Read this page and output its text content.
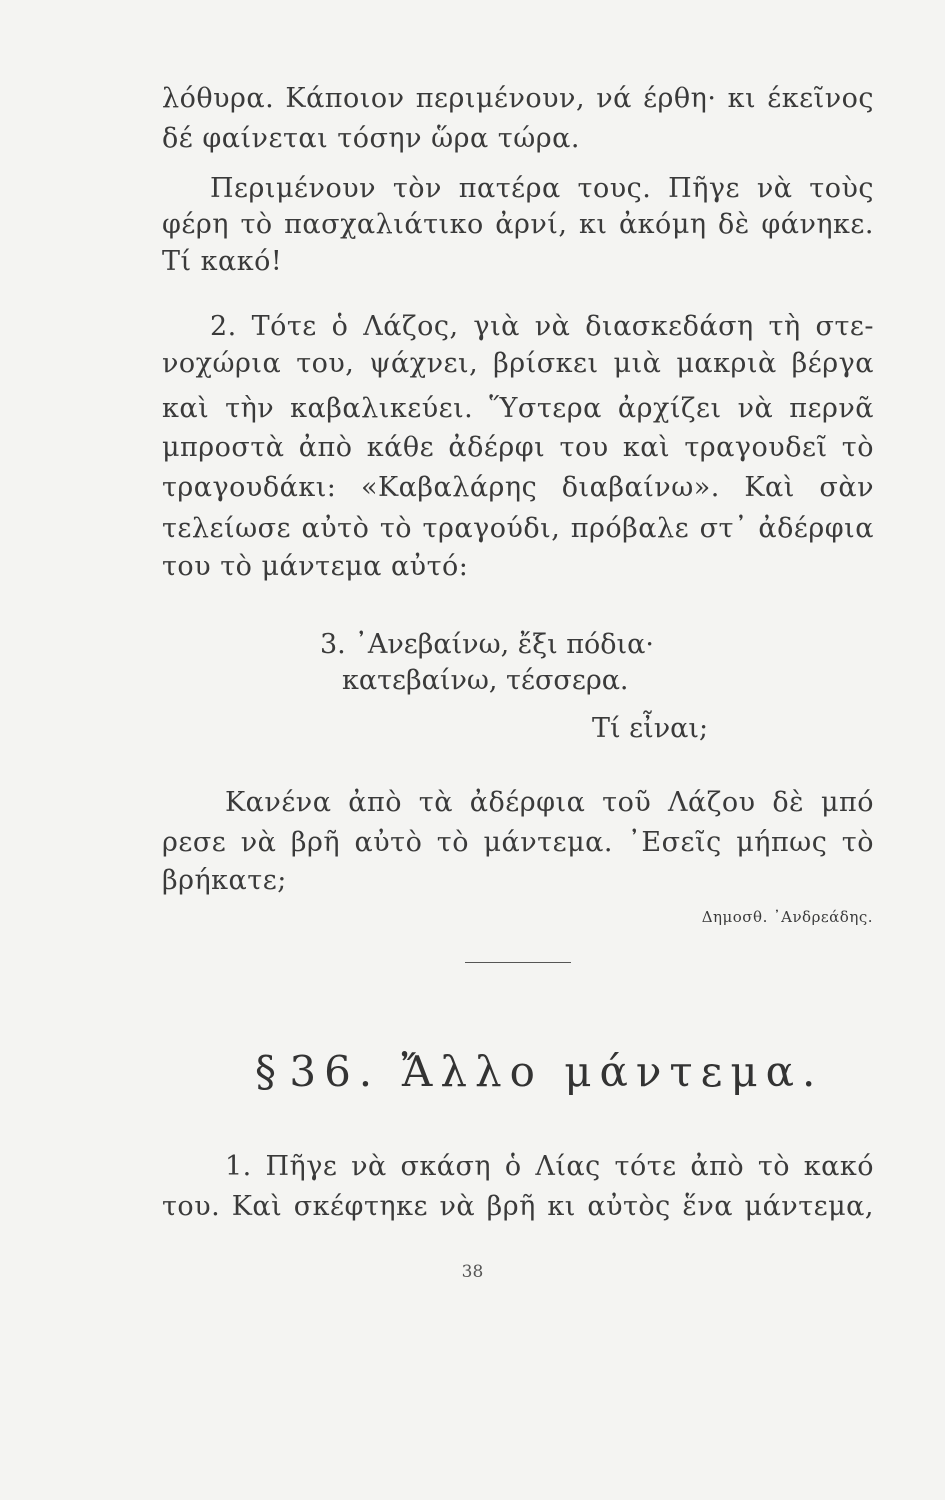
λόθυρα. Κάποιον περιμένουν, νά έρθη· κι έκεῖνος
δέ φαίνεται τόσην ὥρα τώρα.
Περιμένουν τὸν πατέρα τους. Πῆγε νὰ τοὺς
φέρη τὸ πασχαλιάτικο ἀρνί, κι ἀκόμη δὲ φάνηκε.
Τί κακό!
2. Τότε ὁ Λάζος, γιὰ νὰ διασκεδάση τὴ στε-
νοχώρια του, ψάχνει, βρίσκει μιὰ μακριὰ βέργα
καὶ τὴν καβαλικεύει. Ὕστερα ἀρχίζει νὰ περνᾶ
μπροστὰ ἀπὸ κάθε ἀδέρφι του καὶ τραγουδεῖ τὸ
τραγουδάκι: «Καβαλάρης διαβαίνω». Καὶ σὰν
τελείωσε αὐτὸ τὸ τραγούδι, πρόβαλε στ᾽ ἀδέρφια
του τὸ μάντεμα αὐτό:
3. ᾿Ανεβαίνω, ἔξι πόδια·
κατεβαίνω, τέσσερα.
Τί εἶναι;
Κανένα ἀπὸ τὰ ἀδέρφια τοῦ Λάζου δὲ μπό
ρεσε νὰ βρῆ αὐτὸ τὸ μάντεμα. ᾿Εσεῖς μήπως τὸ
βρήκατε;
Δημοσθ. ᾿Ανδρεάδης.
§ 36. Ἄλλο μάντεμα.
1. Πῆγε νὰ σκάση ὁ Λίας τότε ἀπὸ τὸ κακό
του. Καὶ σκέφτηκε νὰ βρῆ κι αὐτὸς ἕνα μάντεμα,
38
